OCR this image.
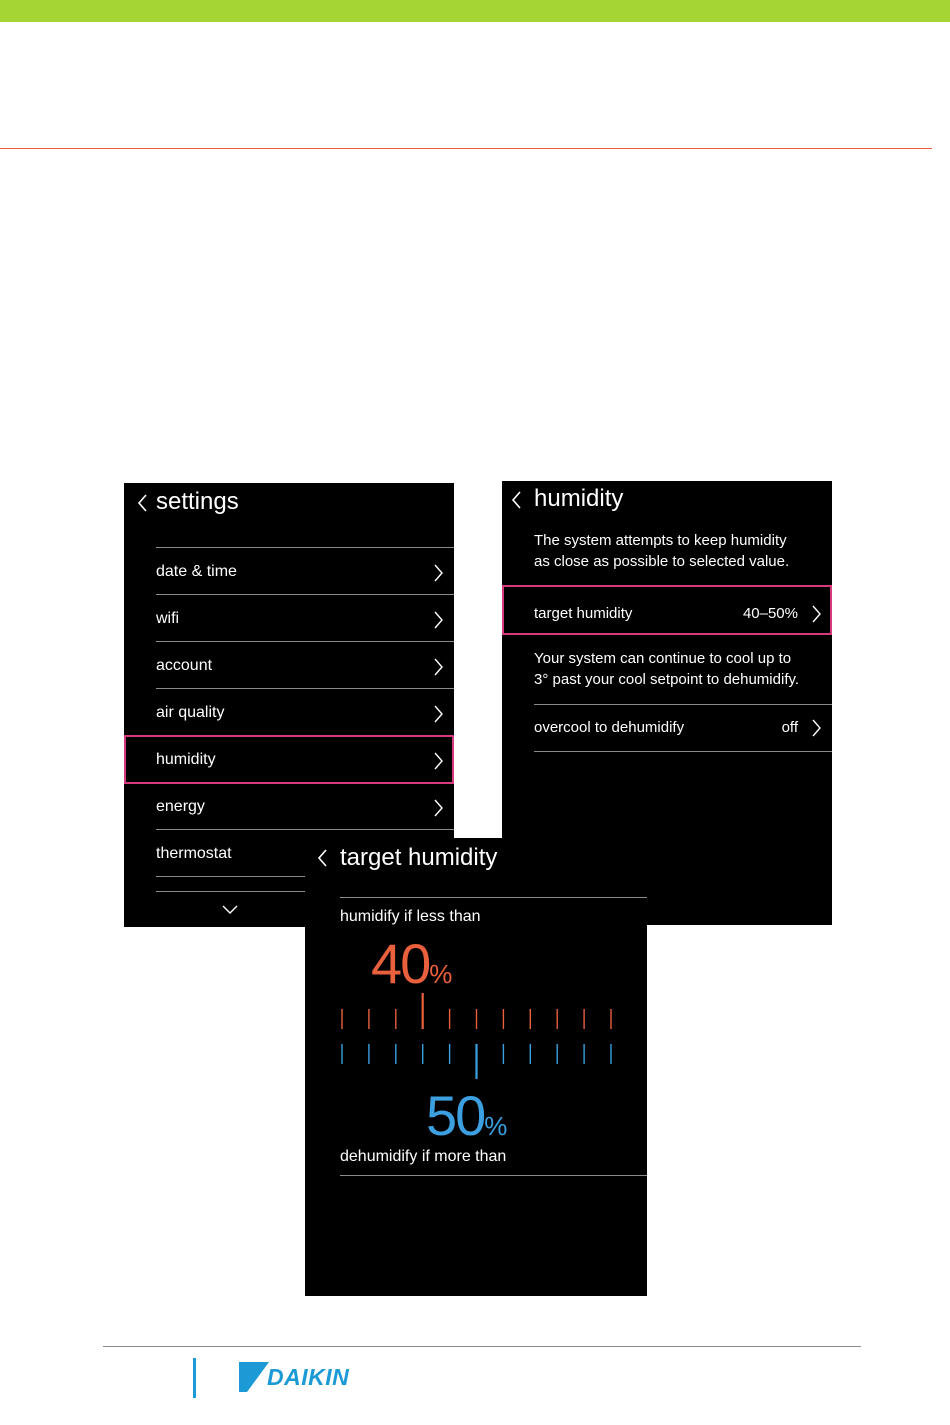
settings
date & time
wifi
account
air quality
humidity
energy
thermostat
humidity
The system attempts to keep humidity
as close as possible to selected value.
target humidity	40–50%
Your system can continue to cool up to
3° past your cool setpoint to dehumidify.
overcool to dehumidify	off
target humidity
humidify if less than
40%
50%
dehumidify if more than
DAIKIN
